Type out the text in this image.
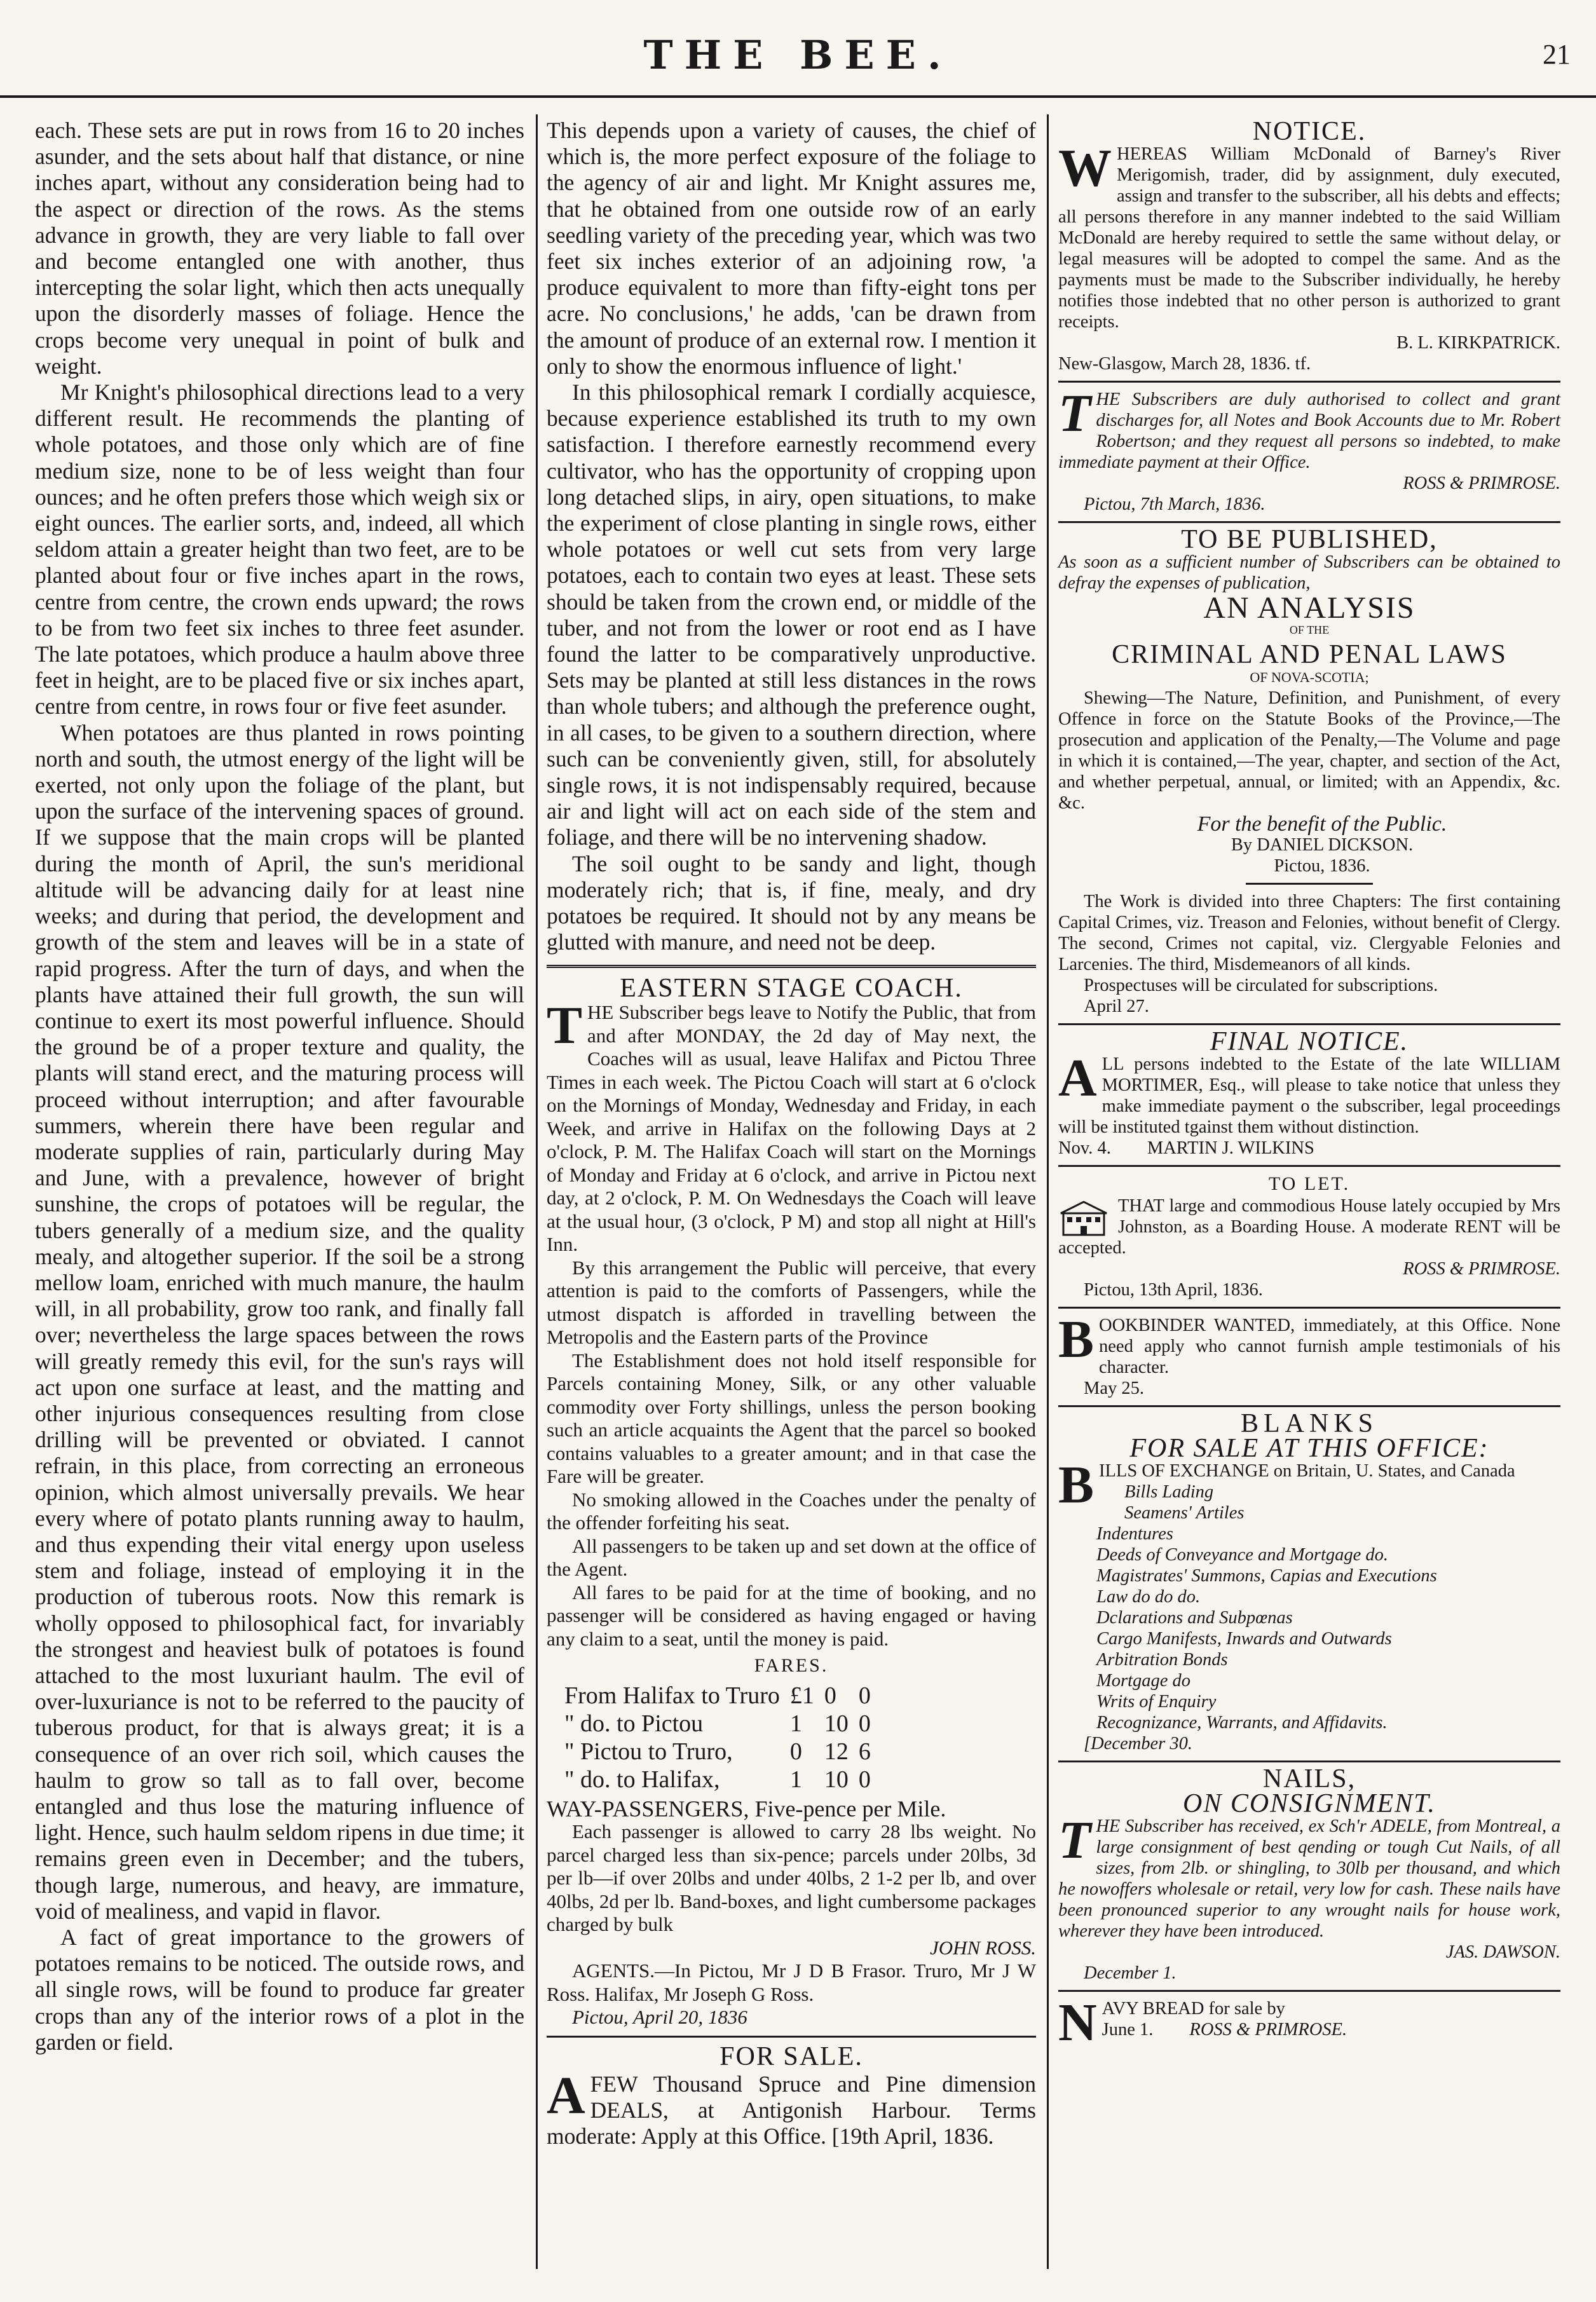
THE BEE.	21

each. These sets are put in rows from 16 to 20 inches asunder, and the sets about half that distance, or nine inches apart, without any consideration being had to the aspect or direction of the rows. As the stems advance in growth, they are very liable to fall over and become entangled one with another, thus intercepting the solar light, which then acts unequally upon the disorderly masses of foliage. Hence the crops become very unequal in point of bulk and weight.

Mr Knight's philosophical directions lead to a very different result. He recommends the planting of whole potatoes, and those only which are of fine medium size, none to be of less weight than four ounces; and he often prefers those which weigh six or eight ounces. The earlier sorts, and, indeed, all which seldom attain a greater height than two feet, are to be planted about four or five inches apart in the rows, centre from centre, the crown ends upward; the rows to be from two feet six inches to three feet asunder. The late potatoes, which produce a haulm above three feet in height, are to be placed five or six inches apart, centre from centre, in rows four or five feet asunder.

When potatoes are thus planted in rows pointing north and south, the utmost energy of the light will be exerted, not only upon the foliage of the plant, but upon the surface of the intervening spaces of ground. If we suppose that the main crops will be planted during the month of April, the sun's meridional altitude will be advancing daily for at least nine weeks; and during that period, the development and growth of the stem and leaves will be in a state of rapid progress. After the turn of days, and when the plants have attained their full growth, the sun will continue to exert its most powerful influence. Should the ground be of a proper texture and quality, the plants will stand erect, and the maturing process will proceed without interruption; and after favourable summers, wherein there have been regular and moderate supplies of rain, particularly during May and June, with a prevalence, however of bright sunshine, the crops of potatoes will be regular, the tubers generally of a medium size, and the quality mealy, and altogether superior. If the soil be a strong mellow loam, enriched with much manure, the haulm will, in all probability, grow too rank, and finally fall over; nevertheless the large spaces between the rows will greatly remedy this evil, for the sun's rays will act upon one surface at least, and the matting and other injurious consequences resulting from close drilling will be prevented or obviated. I cannot refrain, in this place, from correcting an erroneous opinion, which almost universally prevails. We hear every where of potato plants running away to haulm, and thus expending their vital energy upon useless stem and foliage, instead of employing it in the production of tuberous roots. Now this remark is wholly opposed to philosophical fact, for invariably the strongest and heaviest bulk of potatoes is found attached to the most luxuriant haulm. The evil of over-luxuriance is not to be referred to the paucity of tuberous product, for that is always great; it is a consequence of an over rich soil, which causes the haulm to grow so tall as to fall over, become entangled and thus lose the maturing influence of light. Hence, such haulm seldom ripens in due time; it remains green even in December; and the tubers, though large, numerous, and heavy, are immature, void of mealiness, and vapid in flavor.

A fact of great importance to the growers of potatoes remains to be noticed. The outside rows, and all single rows, will be found to produce far greater crops than any of the interior rows of a plot in the garden or field.

This depends upon a variety of causes, the chief of which is, the more perfect exposure of the foliage to the agency of air and light. Mr Knight assures me, that he obtained from one outside row of an early seedling variety of the preceding year, which was two feet six inches exterior of an adjoining row, 'a produce equivalent to more than fifty-eight tons per acre. No conclusions,' he adds, 'can be drawn from the amount of produce of an external row. I mention it only to show the enormous influence of light.'

In this philosophical remark I cordially acquiesce, because experience established its truth to my own satisfaction. I therefore earnestly recommend every cultivator, who has the opportunity of cropping upon long detached slips, in airy, open situations, to make the experiment of close planting in single rows, either whole potatoes or well cut sets from very large potatoes, each to contain two eyes at least. These sets should be taken from the crown end, or middle of the tuber, and not from the lower or root end as I have found the latter to be comparatively unproductive. Sets may be planted at still less distances in the rows than whole tubers; and although the preference ought, in all cases, to be given to a southern direction, where such can be conveniently given, still, for absolutely single rows, it is not indispensably required, because air and light will act on each side of the stem and foliage, and there will be no intervening shadow.

The soil ought to be sandy and light, though moderately rich; that is, if fine, mealy, and dry potatoes be required. It should not by any means be glutted with manure, and need not be deep.

EASTERN STAGE COACH.

THE Subscriber begs leave to Notify the Public, that from and after MONDAY, the 2d day of May next, the Coaches will as usual, leave Halifax and Pictou Three Times in each week. The Pictou Coach will start at 6 o'clock on the Mornings of Monday, Wednesday and Friday, in each Week, and arrive in Halifax on the following Days at 2 o'clock, P. M. The Halifax Coach will start on the Mornings of Monday and Friday at 6 o'clock, and arrive in Pictou next day, at 2 o'clock, P. M. On Wednesdays the Coach will leave at the usual hour, (3 o'clock, P M) and stop all night at Hill's Inn.

By this arrangement the Public will perceive, that every attention is paid to the comforts of Passengers, while the utmost dispatch is afforded in travelling between the Metropolis and the Eastern parts of the Province

The Establishment does not hold itself responsible for Parcels containing Money, Silk, or any other valuable commodity over Forty shillings, unless the person booking such an article acquaints the Agent that the parcel so booked contains valuables to a greater amount; and in that case the Fare will be greater.

No smoking allowed in the Coaches under the penalty of the offender forfeiting his seat.

All passengers to be taken up and set down at the office of the Agent.

All fares to be paid for at the time of booking, and no passenger will be considered as having engaged or having any claim to a seat, until the money is paid.

FARES.
From Halifax to Truro	£1	0	0
" do. to Pictou	1	10	0
" Pictou to Truro,	0	12	6
" do. to Halifax,	1	10	0

WAY-PASSENGERS, Five-pence per Mile.

Each passenger is allowed to carry 28 lbs weight. No parcel charged less than six-pence; parcels under 20lbs, 3d per lb—if over 20lbs and under 40lbs, 2 1-2 per lb, and over 40lbs, 2d per lb. Band-boxes, and light cumbersome packages charged by bulk

JOHN ROSS.

AGENTS.—In Pictou, Mr J D B Frasor. Truro, Mr J W Ross. Halifax, Mr Joseph G Ross.

Pictou, April 20, 1836

FOR SALE.

AFEW Thousand Spruce and Pine dimension DEALS, at Antigonish Harbour. Terms moderate: Apply at this Office. [19th April, 1836.

NOTICE.

WHEREAS William McDonald of Barney's River Merigomish, trader, did by assignment, duly executed, assign and transfer to the subscriber, all his debts and effects; all persons therefore in any manner indebted to the said William McDonald are hereby required to settle the same without delay, or legal measures will be adopted to compel the same. And as the payments must be made to the Subscriber individually, he hereby notifies those indebted that no other person is authorized to grant receipts.

B. L. KIRKPATRICK.

New-Glasgow, March 28, 1836. tf.

THE Subscribers are duly authorised to collect and grant discharges for, all Notes and Book Accounts due to Mr. Robert Robertson; and they request all persons so indebted, to make immediate payment at their Office.

ROSS & PRIMROSE.

Pictou, 7th March, 1836.

TO BE PUBLISHED,

As soon as a sufficient number of Subscribers can be obtained to defray the expenses of publication,

AN ANALYSIS
OF THE
CRIMINAL AND PENAL LAWS
OF NOVA-SCOTIA;

Shewing—The Nature, Definition, and Punishment, of every Offence in force on the Statute Books of the Province,—The prosecution and application of the Penalty,—The Volume and page in which it is contained,—The year, chapter, and section of the Act, and whether perpetual, annual, or limited; with an Appendix, &c. &c.

For the benefit of the Public.

By DANIEL DICKSON.

Pictou, 1836.

The Work is divided into three Chapters: The first containing Capital Crimes, viz. Treason and Felonies, without benefit of Clergy. The second, Crimes not capital, viz. Clergyable Felonies and Larcenies. The third, Misdemeanors of all kinds.

Prospectuses will be circulated for subscriptions.

April 27.

FINAL NOTICE.

ALL persons indebted to the Estate of the late WILLIAM MORTIMER, Esq., will please to take notice that unless they make immediate payment o the subscriber, legal proceedings will be instituted tgainst them without distinction.

Nov. 4. MARTIN J. WILKINS

TO LET.

THAT large and commodious House lately occupied by Mrs Johnston, as a Boarding House. A moderate RENT will be accepted.

ROSS & PRIMROSE.

Pictou, 13th April, 1836.

BOOKBINDER WANTED, immediately, at this Office. None need apply who cannot furnish ample testimonials of his character.

May 25.

BLANKS
FOR SALE AT THIS OFFICE:

BILLS OF EXCHANGE on Britain, U. States, and Canada

Bills Lading

Seamens' Artiles

Indentures

Deeds of Conveyance and Mortgage do.

Magistrates' Summons, Capias and Executions

Law do do do.

Dclarations and Subpœnas

Cargo Manifests, Inwards and Outwards

Arbitration Bonds

Mortgage do

Writs of Enquiry

Recognizance, Warrants, and Affidavits.

[December 30.

NAILS,
ON CONSIGNMENT.

THE Subscriber has received, ex Sch'r ADELE, from Montreal, a large consignment of best qending or tough Cut Nails, of all sizes, from 2lb. or shingling, to 30lb per thousand, and which he nowoffers wholesale or retail, very low for cash. These nails have been pronounced superior to any wrought nails for house work, wherever they have been introduced.

JAS. DAWSON.

December 1.

NAVY BREAD for sale by

June 1. ROSS & PRIMROSE.
